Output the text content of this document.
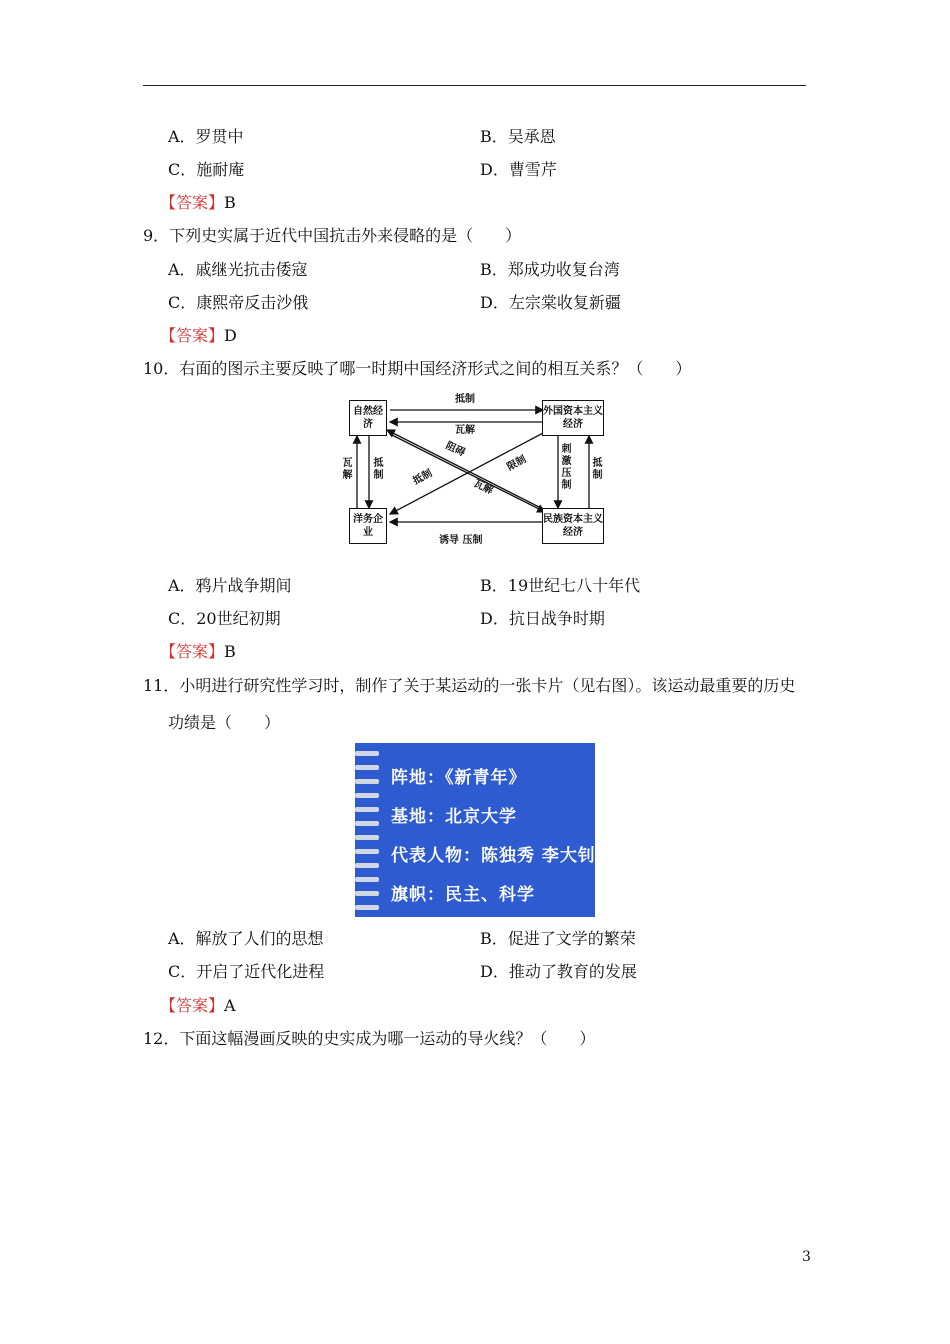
A．罗贯中	B．吴承恩
C．施耐庵	D．曹雪芹
【答案】B
9．下列史实属于近代中国抗击外来侵略的是（　　）
A．戚继光抗击倭寇	B．郑成功收复台湾
C．康熙帝反击沙俄	D．左宗棠收复新疆
【答案】D
10．右面的图示主要反映了哪一时期中国经济形式之间的相互关系？（　　）
自然经济
外国资本主义经济
洋务企业
民族资本主义经济
抵制
瓦解
瓦解
抵制
刺激压制
抵制
阻碍
限制
抵制
瓦解
诱导 压制
A．鸦片战争期间	B．19世纪七八十年代
C．20世纪初期	D．抗日战争时期
【答案】B
11．小明进行研究性学习时，制作了关于某运动的一张卡片（见右图）。该运动最重要的历史
功绩是（　　）
阵地：《新青年》
基地：北京大学
代表人物：陈独秀 李大钊
旗帜：民主、科学
A．解放了人们的思想	B．促进了文学的繁荣
C．开启了近代化进程	D．推动了教育的发展
【答案】A
12．下面这幅漫画反映的史实成为哪一运动的导火线？（　　）
3
